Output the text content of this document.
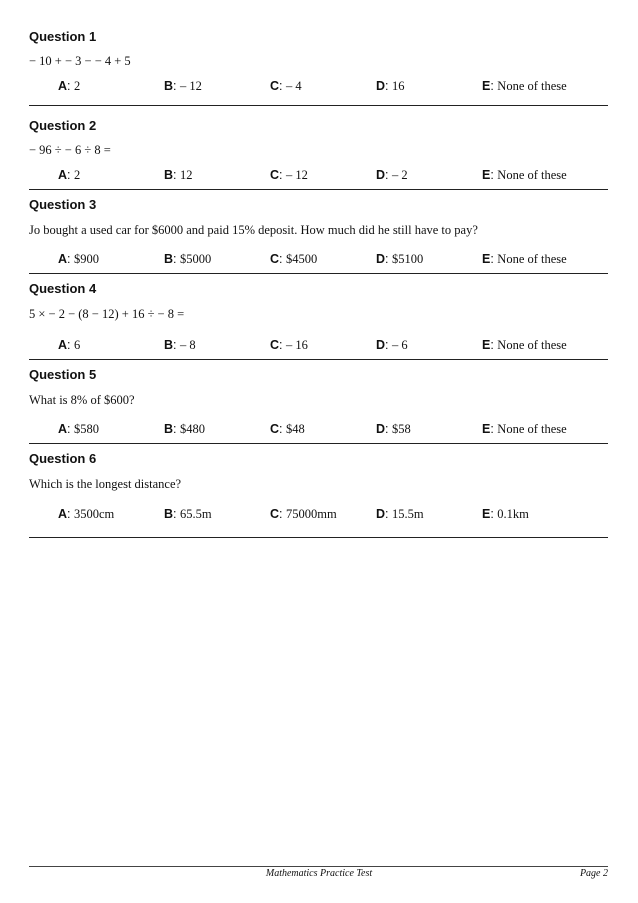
Question 1
− 10 + − 3 − − 4 + 5
A: 2	B: – 12	C: – 4	D: 16	E: None of these
Question 2
− 96 ÷ − 6 ÷ 8 =
A: 2	B: 12	C: – 12	D: – 2	E: None of these
Question 3
Jo bought a used car for $6000 and paid 15% deposit. How much did he still have to pay?
A: $900	B: $5000	C: $4500	D: $5100	E: None of these
Question 4
5 × − 2 − (8 − 12) + 16 ÷ − 8 =
A: 6	B: – 8	C: – 16	D: – 6	E: None of these
Question 5
What is 8% of $600?
A: $580	B: $480	C: $48	D: $58	E: None of these
Question 6
Which is the longest distance?
A: 3500cm	B: 65.5m	C: 75000mm	D: 15.5m	E: 0.1km
Mathematics Practice Test	Page 2
